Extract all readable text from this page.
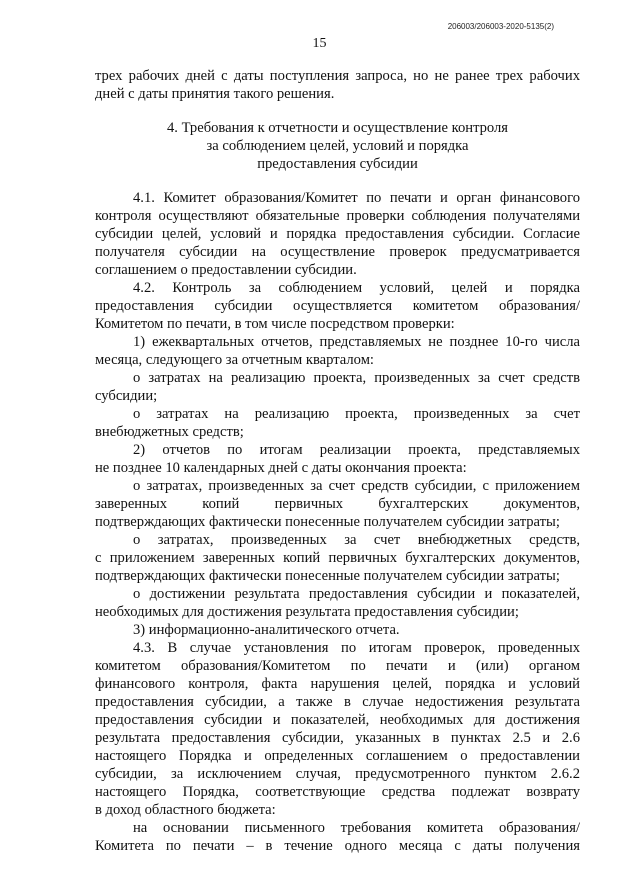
206003/206003-2020-5135(2)
15
трех рабочих дней с даты поступления запроса, но не ранее трех рабочих
дней с даты принятия такого решения.
4. Требования к отчетности и осуществление контроля
за соблюдением целей, условий и порядка
предоставления субсидии
4.1. Комитет образования/Комитет по печати и орган финансового
контроля осуществляют обязательные проверки соблюдения получателями
субсидии целей, условий и порядка предоставления субсидии. Согласие
получателя субсидии на осуществление проверок предусматривается
соглашением о предоставлении субсидии.
4.2. Контроль за соблюдением условий, целей и порядка
предоставления субсидии осуществляется комитетом образования/
Комитетом по печати, в том числе посредством проверки:
1) ежеквартальных отчетов, представляемых не позднее 10-го числа
месяца, следующего за отчетным кварталом:
о затратах на реализацию проекта, произведенных за счет средств
субсидии;
о затратах на реализацию проекта, произведенных за счет
внебюджетных средств;
2) отчетов по итогам реализации проекта, представляемых
не позднее 10 календарных дней с даты окончания проекта:
о затратах, произведенных за счет средств субсидии, с приложением
заверенных копий первичных бухгалтерских документов,
подтверждающих фактически понесенные получателем субсидии затраты;
о затратах, произведенных за счет внебюджетных средств,
с приложением заверенных копий первичных бухгалтерских документов,
подтверждающих фактически понесенные получателем субсидии затраты;
о достижении результата предоставления субсидии и показателей,
необходимых для достижения результата предоставления субсидии;
3) информационно-аналитического отчета.
4.3. В случае установления по итогам проверок, проведенных
комитетом образования/Комитетом по печати и (или) органом
финансового контроля, факта нарушения целей, порядка и условий
предоставления субсидии, а также в случае недостижения результата
предоставления субсидии и показателей, необходимых для достижения
результата предоставления субсидии, указанных в пунктах 2.5 и 2.6
настоящего Порядка и определенных соглашением о предоставлении
субсидии, за исключением случая, предусмотренного пунктом 2.6.2
настоящего Порядка, соответствующие средства подлежат возврату
в доход областного бюджета:
на основании письменного требования комитета образования/
Комитета по печати – в течение одного месяца с даты получения
